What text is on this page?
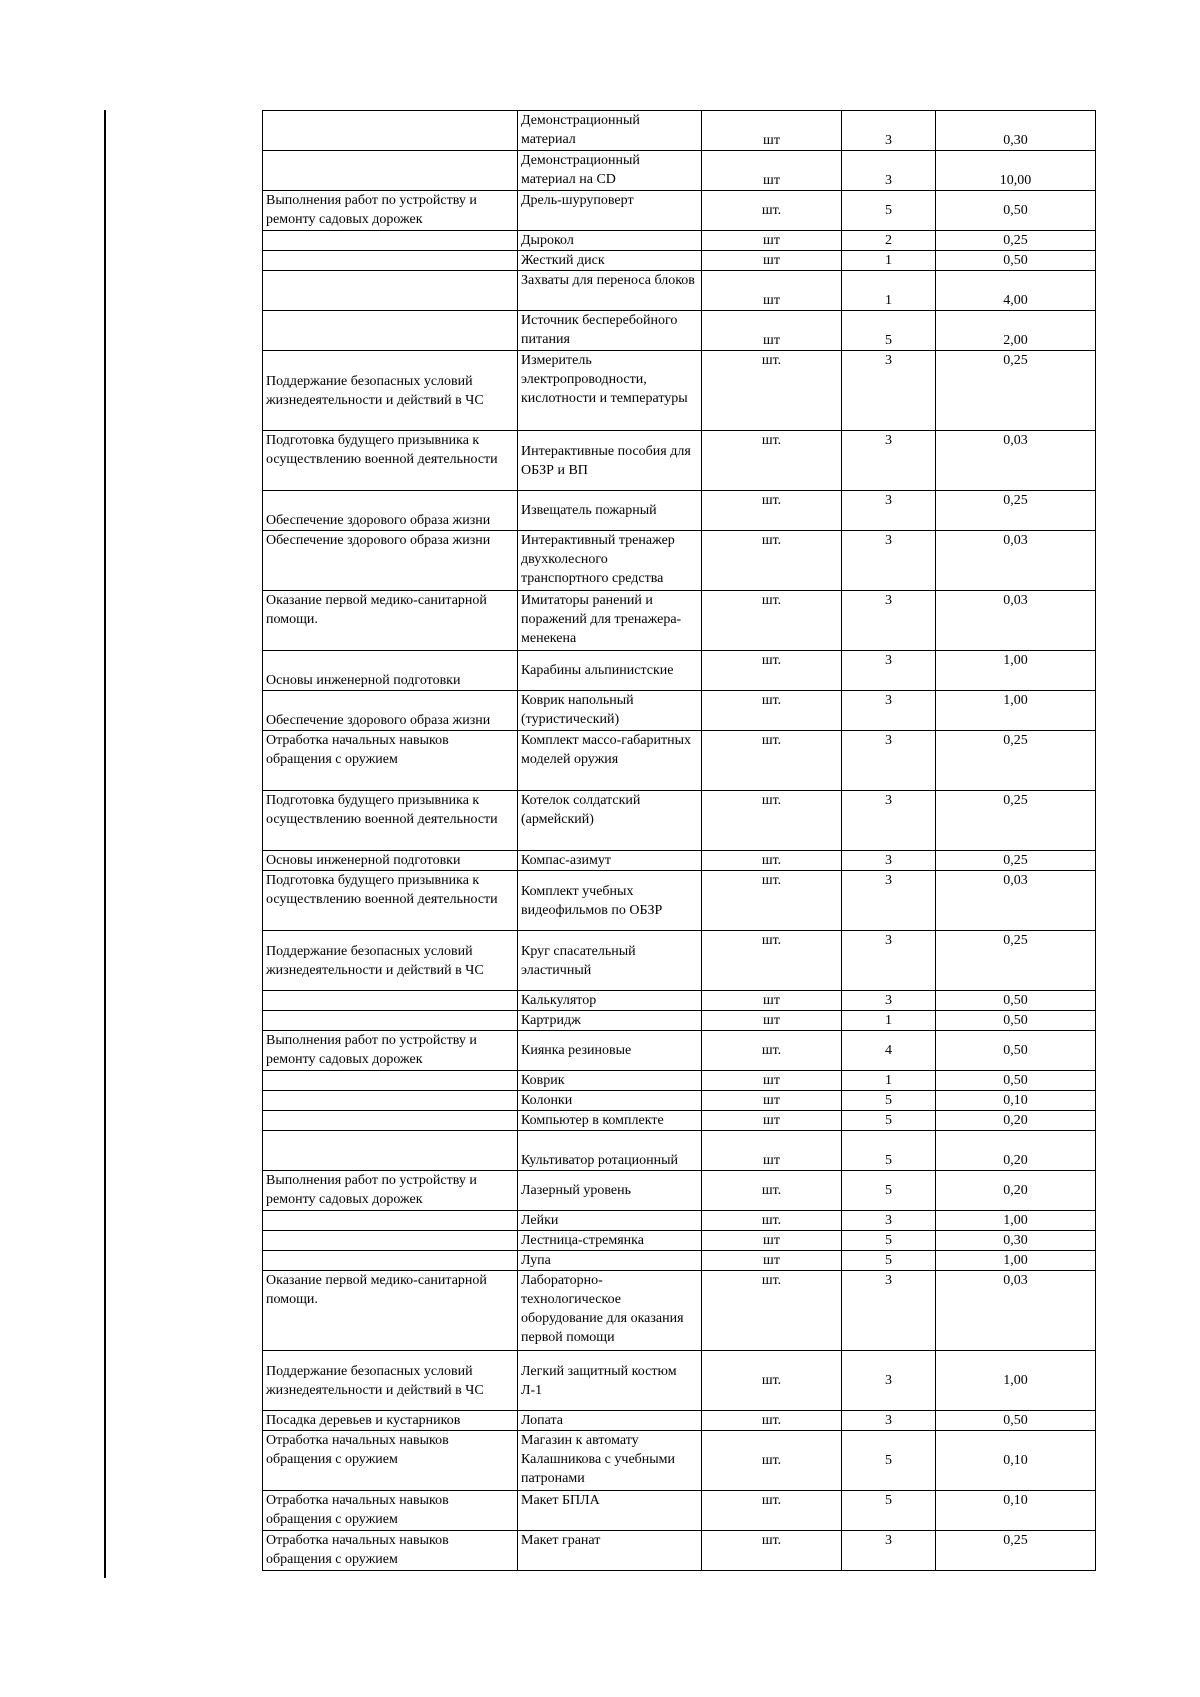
	Демонстрационный материал	шт	3	0,30
	Демонстрационный материал на CD	шт	3	10,00
Выполнения работ по устройству и ремонту садовых дорожек	Дрель-шуруповерт	шт.	5	0,50
	Дырокол	шт	2	0,25
	Жесткий диск	шт	1	0,50
	Захваты для переноса блоков	шт	1	4,00
	Источник бесперебойного питания	шт	5	2,00
Поддержание безопасных условий жизнедеятельности и действий в ЧС	Измеритель электропроводности, кислотности и температуры	шт.	3	0,25
Подготовка будущего призывника к осуществлению военной деятельности	Интерактивные пособия для ОБЗР и ВП	шт.	3	0,03
Обеспечение здорового образа жизни	Извещатель пожарный	шт.	3	0,25
Обеспечение здорового образа жизни	Интерактивный тренажер двухколесного транспортного средства	шт.	3	0,03
Оказание первой медико-санитарной помощи.	Имитаторы ранений и поражений для тренажера-менекена	шт.	3	0,03
Основы инженерной подготовки	Карабины альпинистские	шт.	3	1,00
Обеспечение здорового образа жизни	Коврик напольный (туристический)	шт.	3	1,00
Отработка начальных навыков обращения с оружием	Комплект массо-габаритных моделей оружия	шт.	3	0,25
Подготовка будущего призывника к осуществлению военной деятельности	Котелок солдатский (армейский)	шт.	3	0,25
Основы инженерной подготовки	Компас-азимут	шт.	3	0,25
Подготовка будущего призывника к осуществлению военной деятельности	Комплект учебных видеофильмов по ОБЗР	шт.	3	0,03
Поддержание безопасных условий жизнедеятельности и действий в ЧС	Круг спасательный эластичный	шт.	3	0,25
	Калькулятор	шт	3	0,50
	Картридж	шт	1	0,50
Выполнения работ по устройству и ремонту садовых дорожек	Киянка резиновые	шт.	4	0,50
	Коврик	шт	1	0,50
	Колонки	шт	5	0,10
	Компьютер в комплекте	шт	5	0,20
	Культиватор ротационный	шт	5	0,20
Выполнения работ по устройству и ремонту садовых дорожек	Лазерный уровень	шт.	5	0,20
	Лейки	шт.	3	1,00
	Лестница-стремянка	шт	5	0,30
	Лупа	шт	5	1,00
Оказание первой медико-санитарной помощи.	Лабораторно-технологическое оборудование для оказания первой помощи	шт.	3	0,03
Поддержание безопасных условий жизнедеятельности и действий в ЧС	Легкий защитный костюм Л-1	шт.	3	1,00
Посадка деревьев и кустарников	Лопата	шт.	3	0,50
Отработка начальных навыков обращения с оружием	Магазин к автомату Калашникова с учебными патронами	шт.	5	0,10
Отработка начальных навыков обращения с оружием	Макет БПЛА	шт.	5	0,10
Отработка начальных навыков обращения с оружием	Макет гранат	шт.	3	0,25
